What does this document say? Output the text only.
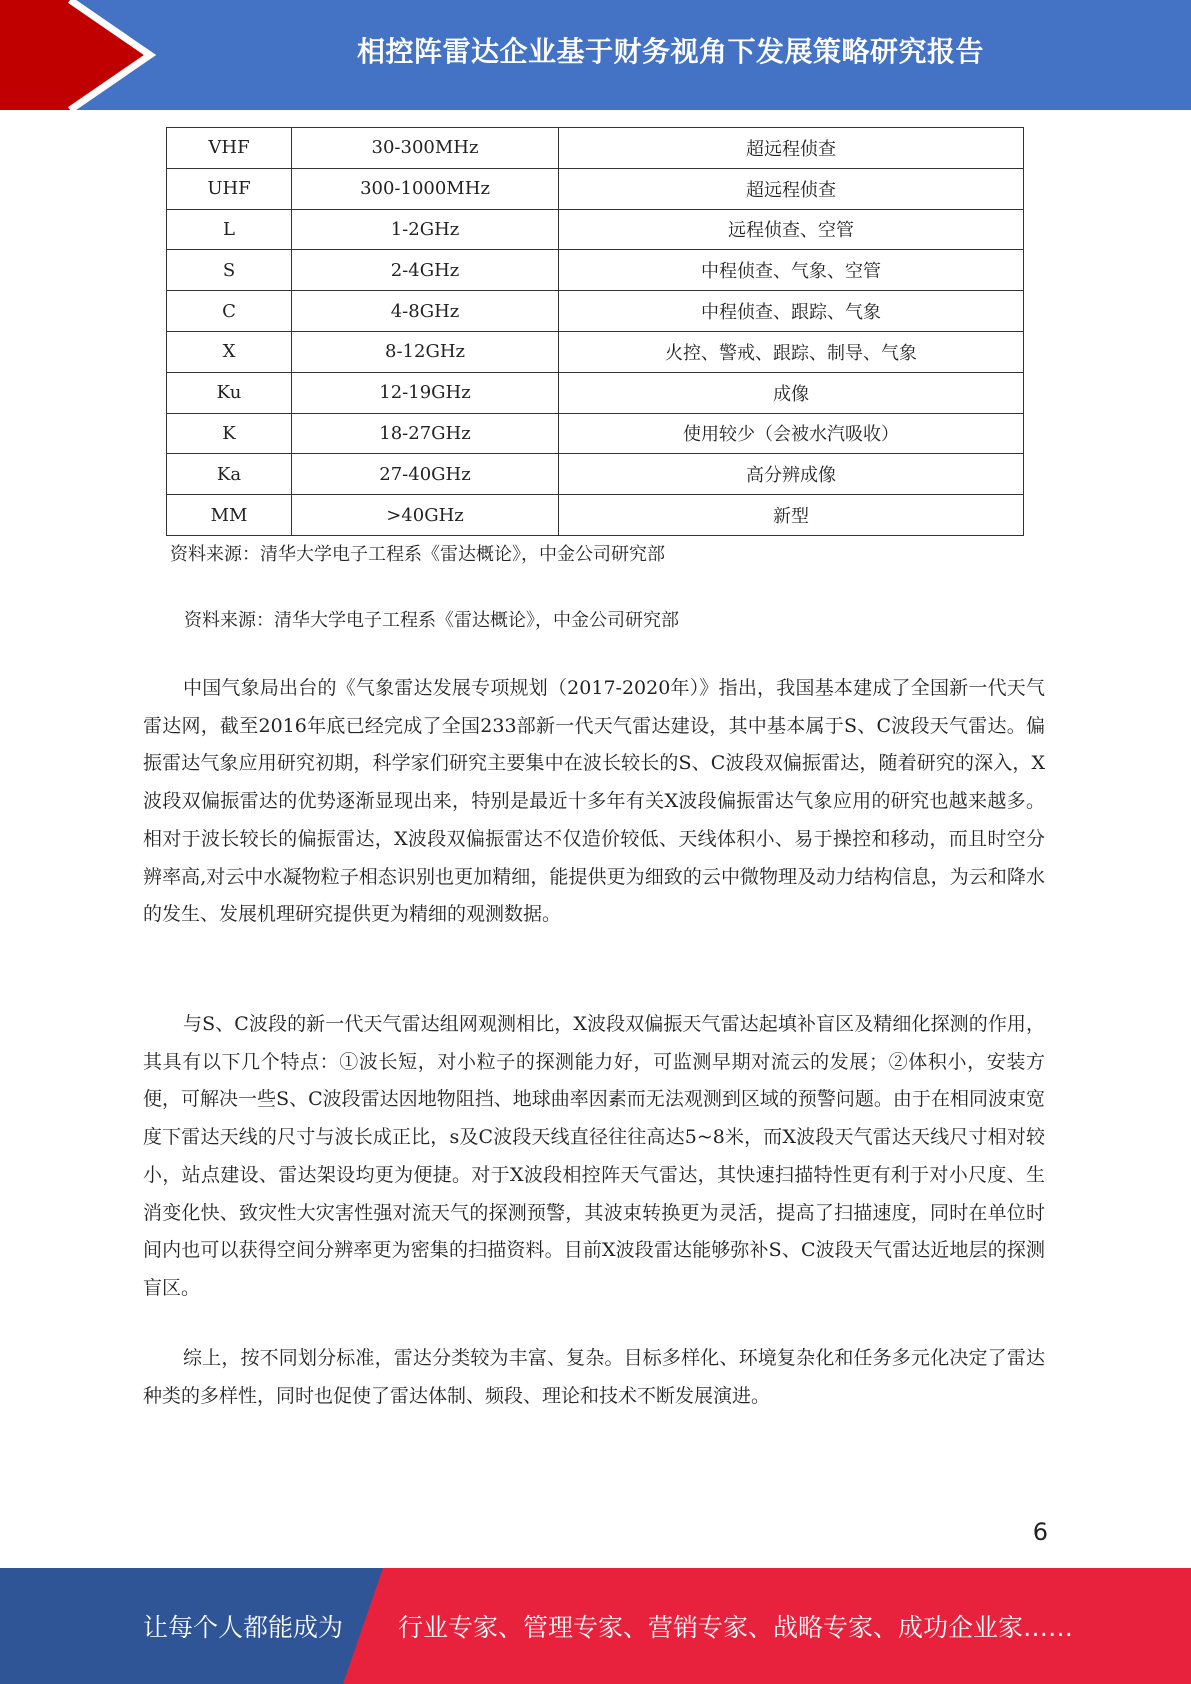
相控阵雷达企业基于财务视角下发展策略研究报告
VHF	30-300MHz	超远程侦查
UHF	300-1000MHz	超远程侦查
L	1-2GHz	远程侦查、空管
S	2-4GHz	中程侦查、气象、空管
C	4-8GHz	中程侦查、跟踪、气象
X	8-12GHz	火控、警戒、跟踪、制导、气象
Ku	12-19GHz	成像
K	18-27GHz	使用较少（会被水汽吸收）
Ka	27-40GHz	高分辨成像
MM	>40GHz	新型
资料来源：清华大学电子工程系《雷达概论》，中金公司研究部
资料来源：清华大学电子工程系《雷达概论》，中金公司研究部
中国气象局出台的《气象雷达发展专项规划（2017-2020年）》指出，我国基本建成了全国新一代天气雷达网，截至2016年底已经完成了全国233部新一代天气雷达建设，其中基本属于S、C波段天气雷达。偏振雷达气象应用研究初期，科学家们研究主要集中在波长较长的S、C波段双偏振雷达，随着研究的深入，X波段双偏振雷达的优势逐渐显现出来，特别是最近十多年有关X波段偏振雷达气象应用的研究也越来越多。相对于波长较长的偏振雷达，X波段双偏振雷达不仅造价较低、天线体积小、易于操控和移动，而且时空分辨率高,对云中水凝物粒子相态识别也更加精细，能提供更为细致的云中微物理及动力结构信息，为云和降水的发生、发展机理研究提供更为精细的观测数据。
与S、C波段的新一代天气雷达组网观测相比，X波段双偏振天气雷达起填补盲区及精细化探测的作用，其具有以下几个特点：①波长短，对小粒子的探测能力好，可监测早期对流云的发展；②体积小，安装方便，可解决一些S、C波段雷达因地物阻挡、地球曲率因素而无法观测到区域的预警问题。由于在相同波束宽度下雷达天线的尺寸与波长成正比，s及C波段天线直径往往高达5~8米，而X波段天气雷达天线尺寸相对较小，站点建设、雷达架设均更为便捷。对于X波段相控阵天气雷达，其快速扫描特性更有利于对小尺度、生消变化快、致灾性大灾害性强对流天气的探测预警，其波束转换更为灵活，提高了扫描速度，同时在单位时间内也可以获得空间分辨率更为密集的扫描资料。目前X波段雷达能够弥补S、C波段天气雷达近地层的探测盲区。
综上，按不同划分标准，雷达分类较为丰富、复杂。目标多样化、环境复杂化和任务多元化决定了雷达种类的多样性，同时也促使了雷达体制、频段、理论和技术不断发展演进。
6
让每个人都能成为 行业专家、管理专家、营销专家、战略专家、成功企业家……
